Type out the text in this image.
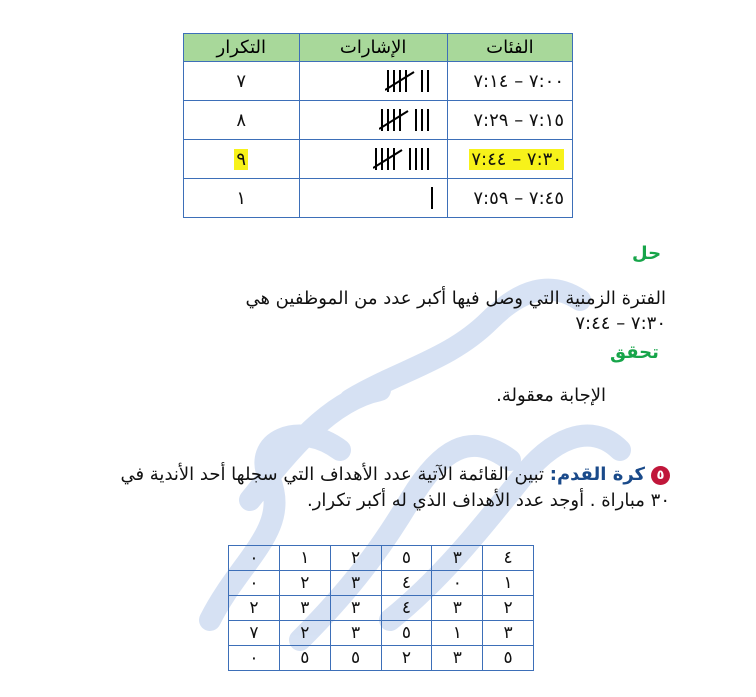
الفئات	الإشارات	التكرار
٧:٠٠ – ٧:١٤		٧
٧:١٥ – ٧:٢٩		٨
٧:٣٠ – ٧:٤٤		٩
٧:٤٥ – ٧:٥٩		١
حل
الفترة الزمنية التي وصل فيها أكبر عدد من الموظفين هي
٧:٣٠ – ٧:٤٤
تحقق
الإجابة معقولة.
٥كرة القدم: تبين القائمة الآتية عدد الأهداف التي سجلها أحد الأندية في ٣٠ مباراة . أوجد عدد الأهداف الذي له أكبر تكرار.
٤	٣	٥	٢	١	٠
١	٠	٤	٣	٢	٠
٢	٣	٤	٣	٣	٢
٣	١	٥	٣	٢	٧
٥	٣	٢	٥	٥	٠
